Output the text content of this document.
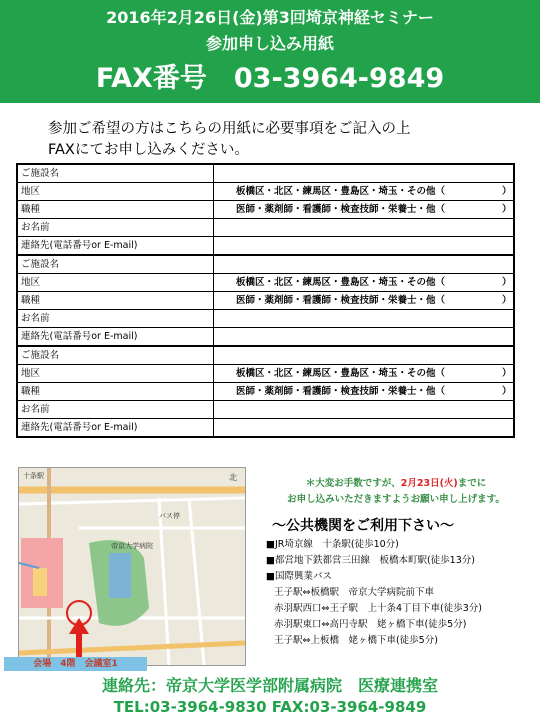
2016年2月26日(金)第3回埼京神経セミナー
参加申し込み用紙
FAX番号　03-3964-9849
参加ご希望の方はこちらの用紙に必要事項をご記入の上
FAXにてお申し込みください。
ご施設名	
地区	板橋区・北区・練馬区・豊島区・埼玉・その他（　　　　　　）
職種	医師・薬剤師・看護師・検査技師・栄養士・他（　　　　　　）
お名前	
連絡先(電話番号or E-mail)	
ご施設名	
地区	板橋区・北区・練馬区・豊島区・埼玉・その他（　　　　　　）
職種	医師・薬剤師・看護師・検査技師・栄養士・他（　　　　　　）
お名前	
連絡先(電話番号or E-mail)	
ご施設名	
地区	板橋区・北区・練馬区・豊島区・埼玉・その他（　　　　　　）
職種	医師・薬剤師・看護師・検査技師・栄養士・他（　　　　　　）
お名前	
連絡先(電話番号or E-mail)	
十条駅
帝京大学病院
バス停
北
会場　4階　会議室1
＊大変お手数ですが、2月23日(火)までに
お申し込みいただきますようお願い申し上げます。
～公共機関をご利用下さい～
■JR埼京線　十条駅(徒歩10分)
■都営地下鉄都営三田線　板橋本町駅(徒歩13分)
■国際興業バス
王子駅⇔板橋駅　帝京大学病院前下車
赤羽駅西口⇔王子駅　上十条4丁目下車(徒歩3分)
赤羽駅東口⇔高円寺駅　姥ヶ橋下車(徒歩5分)
王子駅⇔上板橋　姥ヶ橋下車(徒歩5分)
連絡先：帝京大学医学部附属病院　医療連携室
TEL:03-3964-9830 FAX:03-3964-9849
